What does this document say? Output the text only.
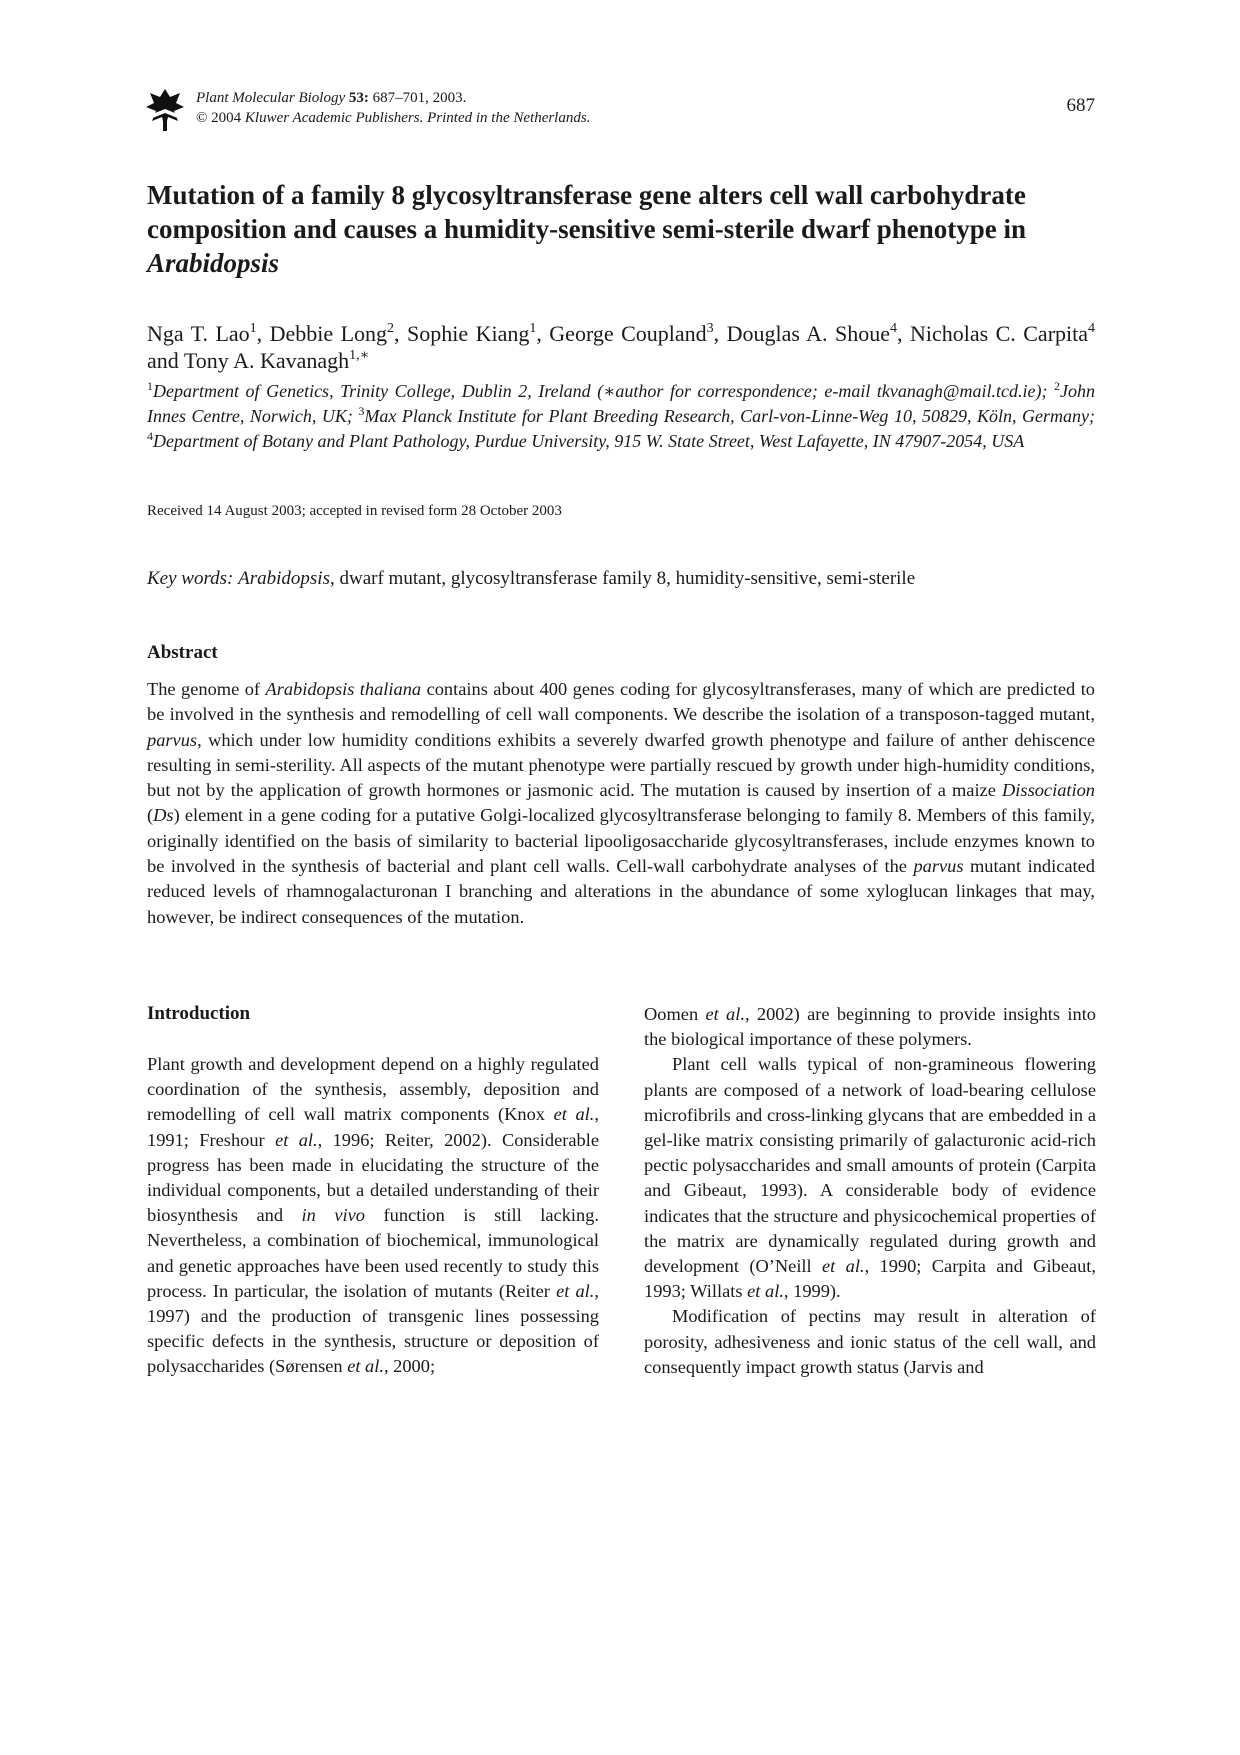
Plant Molecular Biology 53: 687–701, 2003.
© 2004 Kluwer Academic Publishers. Printed in the Netherlands.
687
Mutation of a family 8 glycosyltransferase gene alters cell wall carbohydrate composition and causes a humidity-sensitive semi-sterile dwarf phenotype in Arabidopsis
Nga T. Lao$^1$, Debbie Long$^2$, Sophie Kiang$^1$, George Coupland$^3$, Douglas A. Shoue$^4$, Nicholas C. Carpita$^4$ and Tony A. Kavanagh$^{1,∗}$
$^1$Department of Genetics, Trinity College, Dublin 2, Ireland (∗author for correspondence; e-mail tkvanagh@mail.tcd.ie); $^2$John Innes Centre, Norwich, UK; $^3$Max Planck Institute for Plant Breeding Research, Carl-von-Linne-Weg 10, 50829, Köln, Germany; $^4$Department of Botany and Plant Pathology, Purdue University, 915 W. State Street, West Lafayette, IN 47907-2054, USA
Received 14 August 2003; accepted in revised form 28 October 2003
Key words: Arabidopsis, dwarf mutant, glycosyltransferase family 8, humidity-sensitive, semi-sterile
Abstract

The genome of Arabidopsis thaliana contains about 400 genes coding for glycosyltransferases, many of which are predicted to be involved in the synthesis and remodelling of cell wall components. We describe the isolation of a transposon-tagged mutant, parvus, which under low humidity conditions exhibits a severely dwarfed growth phenotype and failure of anther dehiscence resulting in semi-sterility. All aspects of the mutant phenotype were partially rescued by growth under high-humidity conditions, but not by the application of growth hormones or jasmonic acid. The mutation is caused by insertion of a maize Dissociation (Ds) element in a gene coding for a putative Golgi-localized glycosyltransferase belonging to family 8. Members of this family, originally identified on the basis of similarity to bacterial lipooligosaccharide glycosyltransferases, include enzymes known to be involved in the synthesis of bacterial and plant cell walls. Cell-wall carbohydrate analyses of the parvus mutant indicated reduced levels of rhamnogalacturonan I branching and alterations in the abundance of some xyloglucan linkages that may, however, be indirect consequences of the mutation.

Introduction

Plant growth and development depend on a highly regulated coordination of the synthesis, assembly, deposition and remodelling of cell wall matrix components (Knox et al., 1991; Freshour et al., 1996; Reiter, 2002). Considerable progress has been made in elucidating the structure of the individual components, but a detailed understanding of their biosynthesis and in vivo function is still lacking. Nevertheless, a combination of biochemical, immunological and genetic approaches have been used recently to study this process. In particular, the isolation of mutants (Reiter et al., 1997) and the production of transgenic lines possessing specific defects in the synthesis, structure or deposition of polysaccharides (Sørensen et al., 2000;

Oomen et al., 2002) are beginning to provide insights into the biological importance of these polymers.

Plant cell walls typical of non-gramineous flowering plants are composed of a network of load-bearing cellulose microfibrils and cross-linking glycans that are embedded in a gel-like matrix consisting primarily of galacturonic acid-rich pectic polysaccharides and small amounts of protein (Carpita and Gibeaut, 1993). A considerable body of evidence indicates that the structure and physicochemical properties of the matrix are dynamically regulated during growth and development (O’Neill et al., 1990; Carpita and Gibeaut, 1993; Willats et al., 1999).

Modification of pectins may result in alteration of porosity, adhesiveness and ionic status of the cell wall, and consequently impact growth status (Jarvis and
